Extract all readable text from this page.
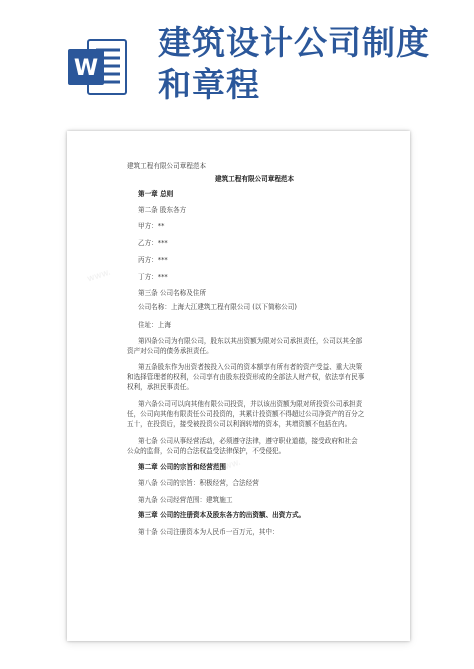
W
建筑设计公司制度
和章程
www.
www.
建筑工程有限公司章程范本
建筑工程有限公司章程范本
第一章 总则
第二条 股东各方
甲方：**
乙方：***
丙方：***
丁方：***
第三条 公司名称及住所
公司名称：上海大江建筑工程有限公司 (以下简称公司)
住址：上海
第四条公司为有限公司，股东以其出资额为限对公司承担责任，公司以其全部
资产对公司的债务承担责任。
第五条股东作为出资者按投入公司的资本额享有所有者的资产受益、重大决策
和选择管理者的权利，公司享有由股东投资形成的全部法人财产权，依法享有民事
权利，承担民事责任。
第六条公司可以向其他有限公司投资，并以该出资额为限对所投资公司承担责
任，公司向其他有限责任公司投资的，其累计投资额不得超过公司净资产的百分之
五十，在投资后，接受被投资公司以利润转增的资本，其增资额不包括在内。
第七条 公司从事经营活动，必须遵守法律，遵守职业道德，接受政府和社会
公众的监督，公司的合法权益受法律保护，不受侵犯。
第二章 公司的宗旨和经营范围
第八条 公司的宗旨：积极经营，合法经营
第九条 公司经营范围：建筑施工
第三章 公司的注册资本及股东各方的出资额、出资方式。
第十条 公司注册资本为人民币一百万元，其中：
